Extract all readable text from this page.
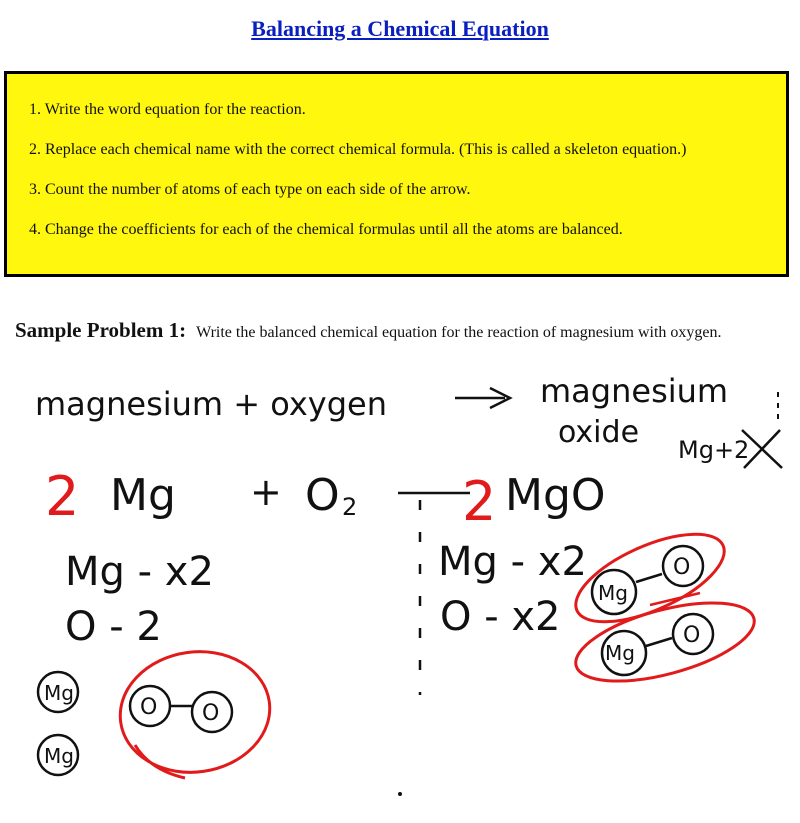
Balancing a Chemical Equation
1. Write the word equation for the reaction.
2. Replace each chemical name with the correct chemical formula. (This is called a skeleton equation.)
3. Count the number of atoms of each type on each side of the arrow.
4. Change the coefficients for each of the chemical formulas until all the atoms are balanced.
Sample Problem 1: Write the balanced chemical equation for the reaction of magnesium with oxygen.
magnesium + oxygen	magnesium
oxide Mg+2
2 Mg + O 2 2 MgO
Mg - x2
O - 2
Mg - x2
O - x2
Mg
Mg
O O
Mg
O
Mg
O
